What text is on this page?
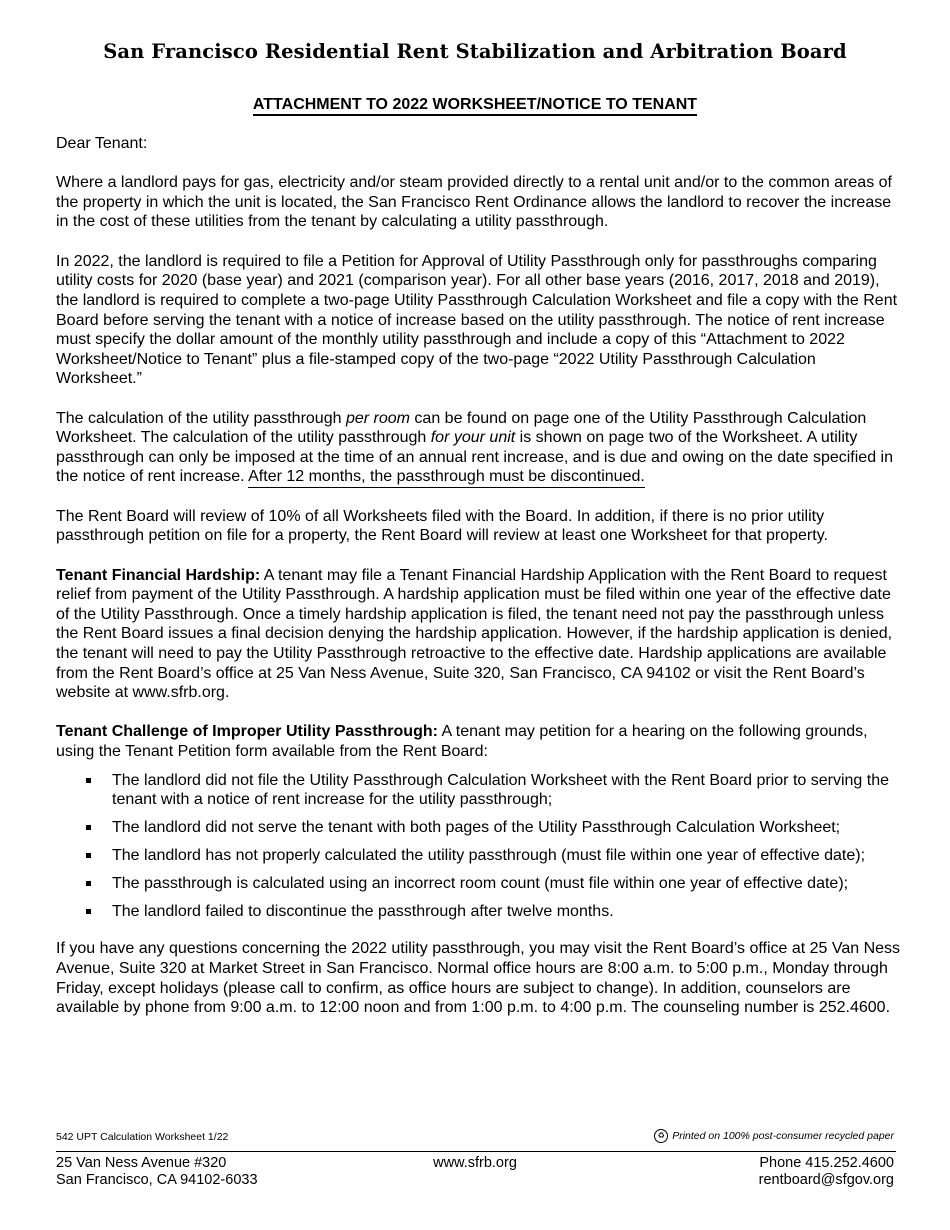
San Francisco Residential Rent Stabilization and Arbitration Board
ATTACHMENT TO 2022 WORKSHEET/NOTICE TO TENANT

Dear Tenant:

Where a landlord pays for gas, electricity and/or steam provided directly to a rental unit and/or to the common areas of the property in which the unit is located, the San Francisco Rent Ordinance allows the landlord to recover the increase in the cost of these utilities from the tenant by calculating a utility passthrough.

In 2022, the landlord is required to file a Petition for Approval of Utility Passthrough only for passthroughs comparing utility costs for 2020 (base year) and 2021 (comparison year). For all other base years (2016, 2017, 2018 and 2019), the landlord is required to complete a two-page Utility Passthrough Calculation Worksheet and file a copy with the Rent Board before serving the tenant with a notice of increase based on the utility passthrough. The notice of rent increase must specify the dollar amount of the monthly utility passthrough and include a copy of this “Attachment to 2022 Worksheet/Notice to Tenant” plus a file-stamped copy of the two-page “2022 Utility Passthrough Calculation Worksheet.”

The calculation of the utility passthrough per room can be found on page one of the Utility Passthrough Calculation Worksheet. The calculation of the utility passthrough for your unit is shown on page two of the Worksheet. A utility passthrough can only be imposed at the time of an annual rent increase, and is due and owing on the date specified in the notice of rent increase. After 12 months, the passthrough must be discontinued.

The Rent Board will review of 10% of all Worksheets filed with the Board. In addition, if there is no prior utility passthrough petition on file for a property, the Rent Board will review at least one Worksheet for that property.

Tenant Financial Hardship: A tenant may file a Tenant Financial Hardship Application with the Rent Board to request relief from payment of the Utility Passthrough. A hardship application must be filed within one year of the effective date of the Utility Passthrough. Once a timely hardship application is filed, the tenant need not pay the passthrough unless the Rent Board issues a final decision denying the hardship application. However, if the hardship application is denied, the tenant will need to pay the Utility Passthrough retroactive to the effective date. Hardship applications are available from the Rent Board’s office at 25 Van Ness Avenue, Suite 320, San Francisco, CA 94102 or visit the Rent Board’s website at www.sfrb.org.

Tenant Challenge of Improper Utility Passthrough: A tenant may petition for a hearing on the following grounds, using the Tenant Petition form available from the Rent Board:

The landlord did not file the Utility Passthrough Calculation Worksheet with the Rent Board prior to serving the tenant with a notice of rent increase for the utility passthrough;
The landlord did not serve the tenant with both pages of the Utility Passthrough Calculation Worksheet;
The landlord has not properly calculated the utility passthrough (must file within one year of effective date);
The passthrough is calculated using an incorrect room count (must file within one year of effective date);
The landlord failed to discontinue the passthrough after twelve months.

If you have any questions concerning the 2022 utility passthrough, you may visit the Rent Board’s office at 25 Van Ness Avenue, Suite 320 at Market Street in San Francisco. Normal office hours are 8:00 a.m. to 5:00 p.m., Monday through Friday, except holidays (please call to confirm, as office hours are subject to change). In addition, counselors are available by phone from 9:00 a.m. to 12:00 noon and from 1:00 p.m. to 4:00 p.m. The counseling number is 252.4600.

542 UPT Calculation Worksheet 1/22	♻ Printed on 100% post-consumer recycled paper
25 Van Ness Avenue #320
San Francisco, CA 94102-6033
www.sfrb.org	Phone 415.252.4600
rentboard@sfgov.org
